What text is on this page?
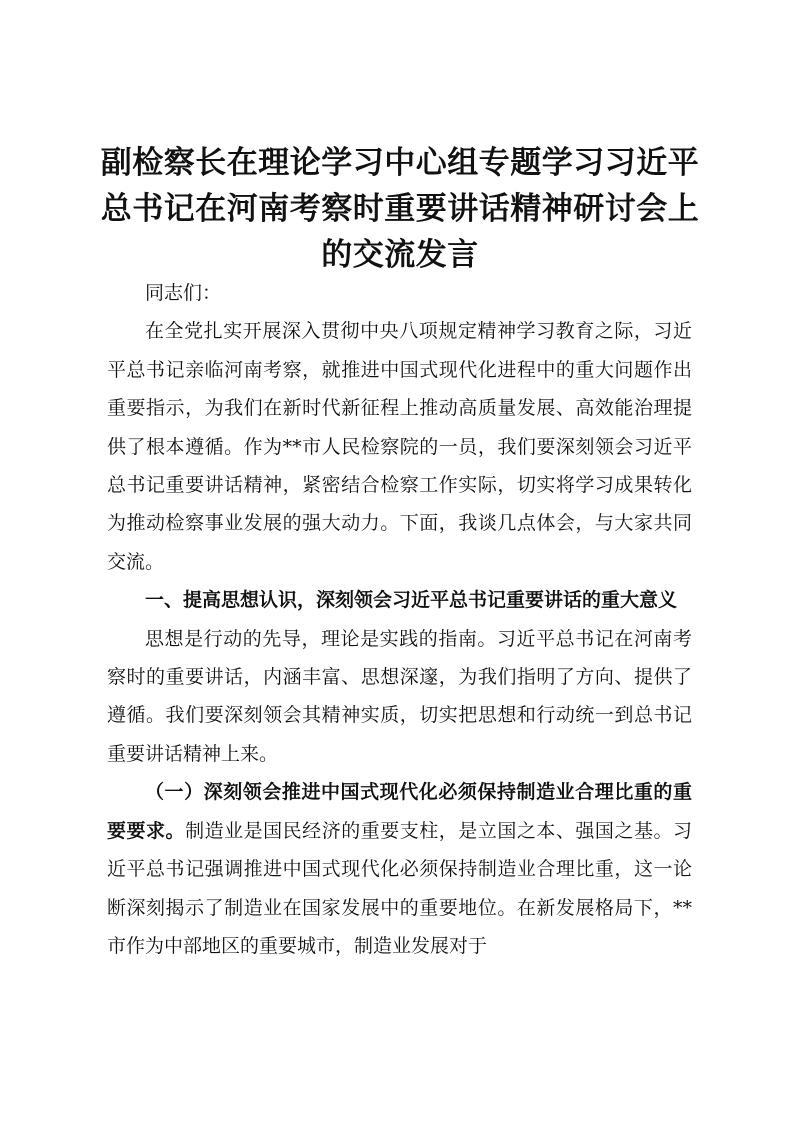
副检察长在理论学习中心组专题学习习近平总书记在河南考察时重要讲话精神研讨会上的交流发言

同志们：

在全党扎实开展深入贯彻中央八项规定精神学习教育之际，习近平总书记亲临河南考察，就推进中国式现代化进程中的重大问题作出重要指示，为我们在新时代新征程上推动高质量发展、高效能治理提供了根本遵循。作为**市人民检察院的一员，我们要深刻领会习近平总书记重要讲话精神，紧密结合检察工作实际，切实将学习成果转化为推动检察事业发展的强大动力。下面，我谈几点体会，与大家共同交流。

一、提高思想认识，深刻领会习近平总书记重要讲话的重大意义

思想是行动的先导，理论是实践的指南。习近平总书记在河南考察时的重要讲话，内涵丰富、思想深邃，为我们指明了方向、提供了遵循。我们要深刻领会其精神实质，切实把思想和行动统一到总书记重要讲话精神上来。

（一）深刻领会推进中国式现代化必须保持制造业合理比重的重要要求。制造业是国民经济的重要支柱，是立国之本、强国之基。习近平总书记强调推进中国式现代化必须保持制造业合理比重，这一论断深刻揭示了制造业在国家发展中的重要地位。在新发展格局下，**市作为中部地区的重要城市，制造业发展对于
